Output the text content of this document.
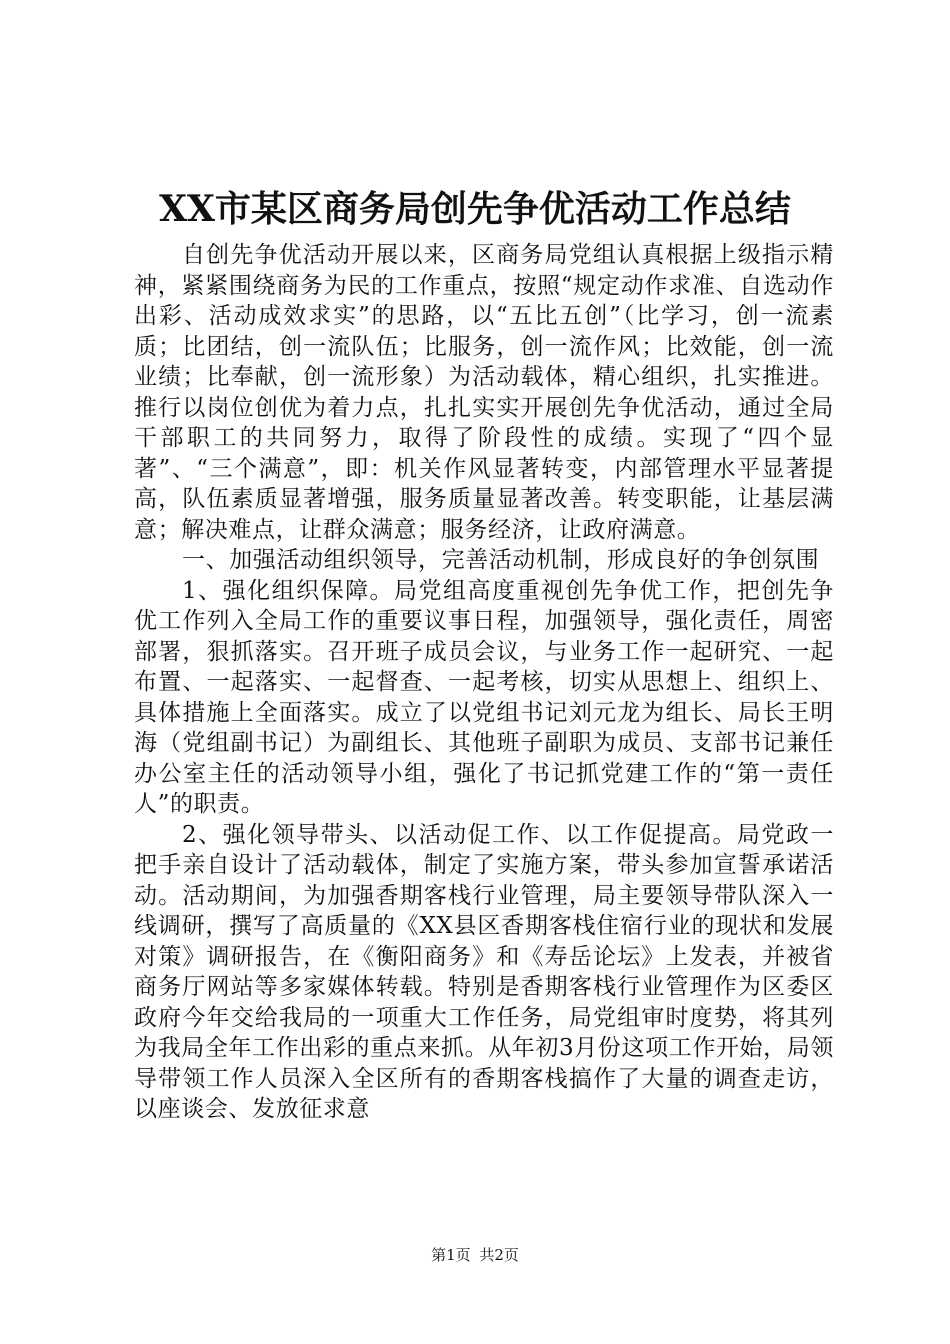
XX市某区商务局创先争优活动工作总结

自创先争优活动开展以来，区商务局党组认真根据上级指示精神，紧紧围绕商务为民的工作重点，按照“规定动作求准、自选动作出彩、活动成效求实”的思路，以“五比五创”（比学习，创一流素质；比团结，创一流队伍；比服务，创一流作风；比效能，创一流业绩；比奉献，创一流形象）为活动载体，精心组织，扎实推进。推行以岗位创优为着力点，扎扎实实开展创先争优活动，通过全局干部职工的共同努力，取得了阶段性的成绩。实现了“四个显著”、“三个满意”，即：机关作风显著转变，内部管理水平显著提高，队伍素质显著增强，服务质量显著改善。转变职能，让基层满意；解决难点，让群众满意；服务经济，让政府满意。

一、加强活动组织领导，完善活动机制，形成良好的争创氛围

1、强化组织保障。局党组高度重视创先争优工作，把创先争优工作列入全局工作的重要议事日程，加强领导，强化责任，周密部署，狠抓落实。召开班子成员会议，与业务工作一起研究、一起布置、一起落实、一起督查、一起考核，切实从思想上、组织上、具体措施上全面落实。成立了以党组书记刘元龙为组长、局长王明海（党组副书记）为副组长、其他班子副职为成员、支部书记兼任办公室主任的活动领导小组，强化了书记抓党建工作的“第一责任人”的职责。

2、强化领导带头、以活动促工作、以工作促提高。局党政一把手亲自设计了活动载体，制定了实施方案，带头参加宣誓承诺活动。活动期间，为加强香期客栈行业管理，局主要领导带队深入一线调研，撰写了高质量的《XX县区香期客栈住宿行业的现状和发展对策》调研报告，在《衡阳商务》和《寿岳论坛》上发表，并被省商务厅网站等多家媒体转载。特别是香期客栈行业管理作为区委区政府今年交给我局的一项重大工作任务，局党组审时度势，将其列为我局全年工作出彩的重点来抓。从年初3月份这项工作开始，局领导带领工作人员深入全区所有的香期客栈搞作了大量的调查走访，以座谈会、发放征求意

第1页 共2页
